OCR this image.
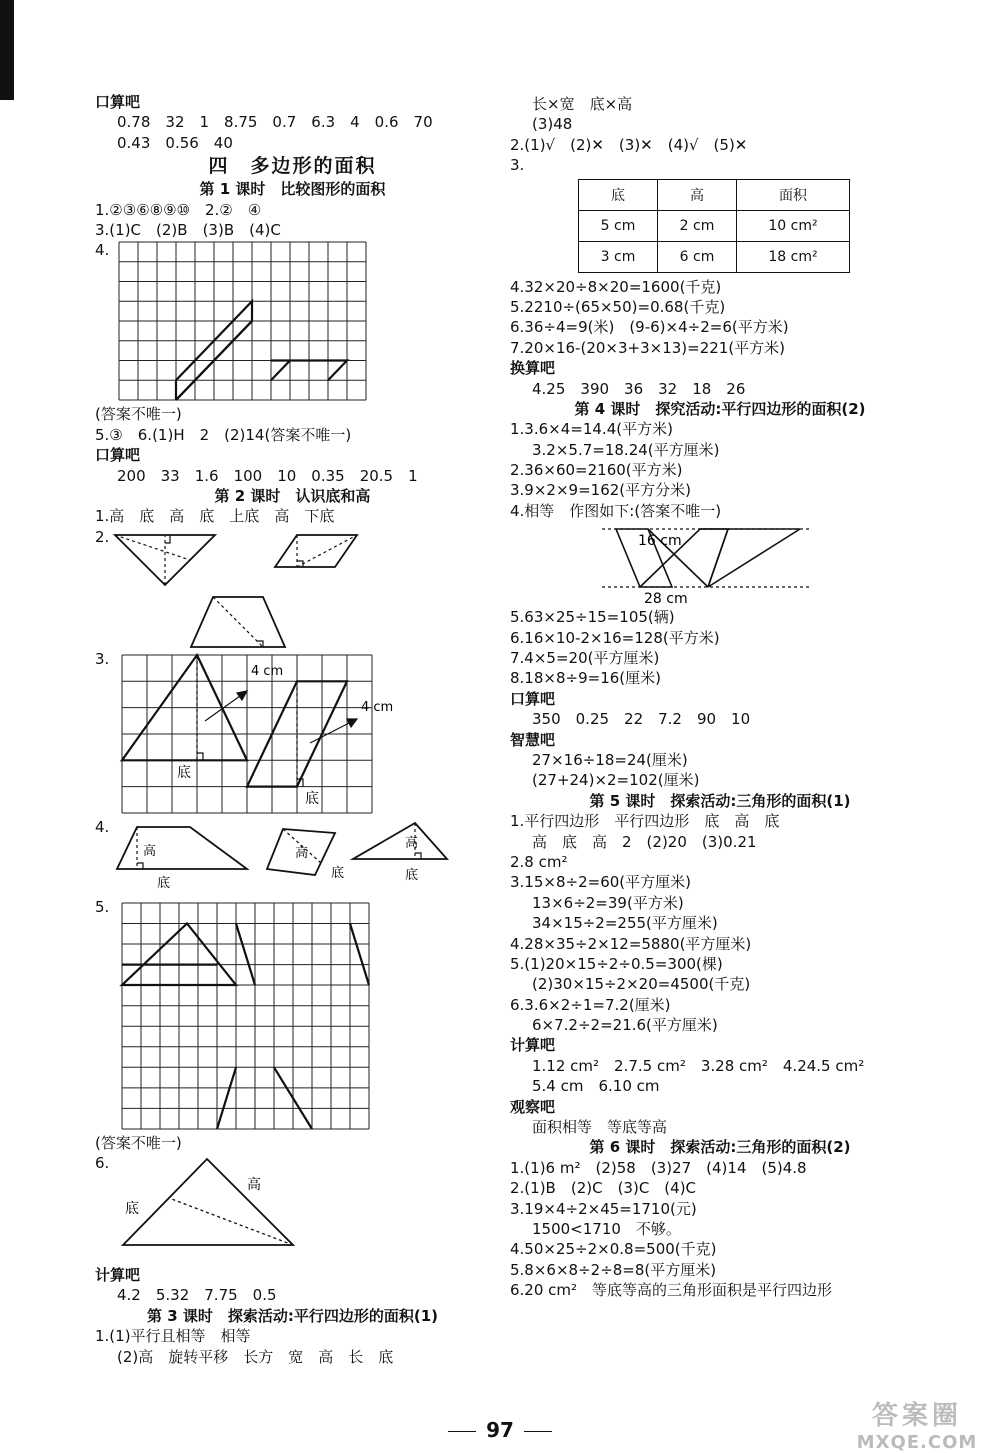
口算吧
0.78　32　1　8.75　0.7　6.3　4　0.6　70
0.43　0.56　40
四　多边形的面积
第 1 课时　比较图形的面积
1.②③⑥⑧⑨⑩　2.②　④
3.(1)C　(2)B　(3)B　(4)C
4.
(答案不唯一)
5.③　6.(1)H　2　(2)14(答案不唯一)
口算吧
200　33　1.6　100　10　0.35　20.5　1
第 2 课时　认识底和高
1.高　底　高　底　上底　高　下底
2.
3.
4 cm
4 cm
底
底
4.
高
底
高
底
高
底
5.
(答案不唯一)
6.
底
高
计算吧
4.2　5.32　7.75　0.5
第 3 课时　探索活动:平行四边形的面积(1)
1.(1)平行且相等　相等
(2)高　旋转平移　长方　宽　高　长　底
长×宽　底×高
(3)48
2.(1)√　(2)✕　(3)✕　(4)√　(5)✕
3.
底	高	面积
5 cm	2 cm	10 cm²
3 cm	6 cm	18 cm²
4.32×20÷8×20=1600(千克)
5.2210÷(65×50)=0.68(千克)
6.36÷4=9(米)　(9-6)×4÷2=6(平方米)
7.20×16-(20×3+3×13)=221(平方米)
换算吧
4.25　390　36　32　18　26
第 4 课时　探究活动:平行四边形的面积(2)
1.3.6×4=14.4(平方米)
3.2×5.7=18.24(平方厘米)
2.36×60=2160(平方米)
3.9×2×9=162(平方分米)
4.相等　作图如下:(答案不唯一)
16 cm
28 cm
5.63×25÷15=105(辆)
6.16×10-2×16=128(平方米)
7.4×5=20(平方厘米)
8.18×8÷9=16(厘米)
口算吧
350　0.25　22　7.2　90　10
智慧吧
27×16÷18=24(厘米)
(27+24)×2=102(厘米)
第 5 课时　探索活动:三角形的面积(1)
1.平行四边形　平行四边形　底　高　底
高　底　高　2　(2)20　(3)0.21
2.8 cm²
3.15×8÷2=60(平方厘米)
13×6÷2=39(平方米)
34×15÷2=255(平方厘米)
4.28×35÷2×12=5880(平方厘米)
5.(1)20×15÷2÷0.5=300(棵)
(2)30×15÷2×20=4500(千克)
6.3.6×2÷1=7.2(厘米)
6×7.2÷2=21.6(平方厘米)
计算吧
1.12 cm²　2.7.5 cm²　3.28 cm²　4.24.5 cm²
5.4 cm　6.10 cm
观察吧
面积相等　等底等高
第 6 课时　探索活动:三角形的面积(2)
1.(1)6 m²　(2)58　(3)27　(4)14　(5)4.8
2.(1)B　(2)C　(3)C　(4)C
3.19×4÷2×45=1710(元)
1500<1710　不够。
4.50×25÷2×0.8=500(千克)
5.8×6×8÷2÷8=8(平方厘米)
6.20 cm²　等底等高的三角形面积是平行四边形
97	答案圈
MXQE.COM
